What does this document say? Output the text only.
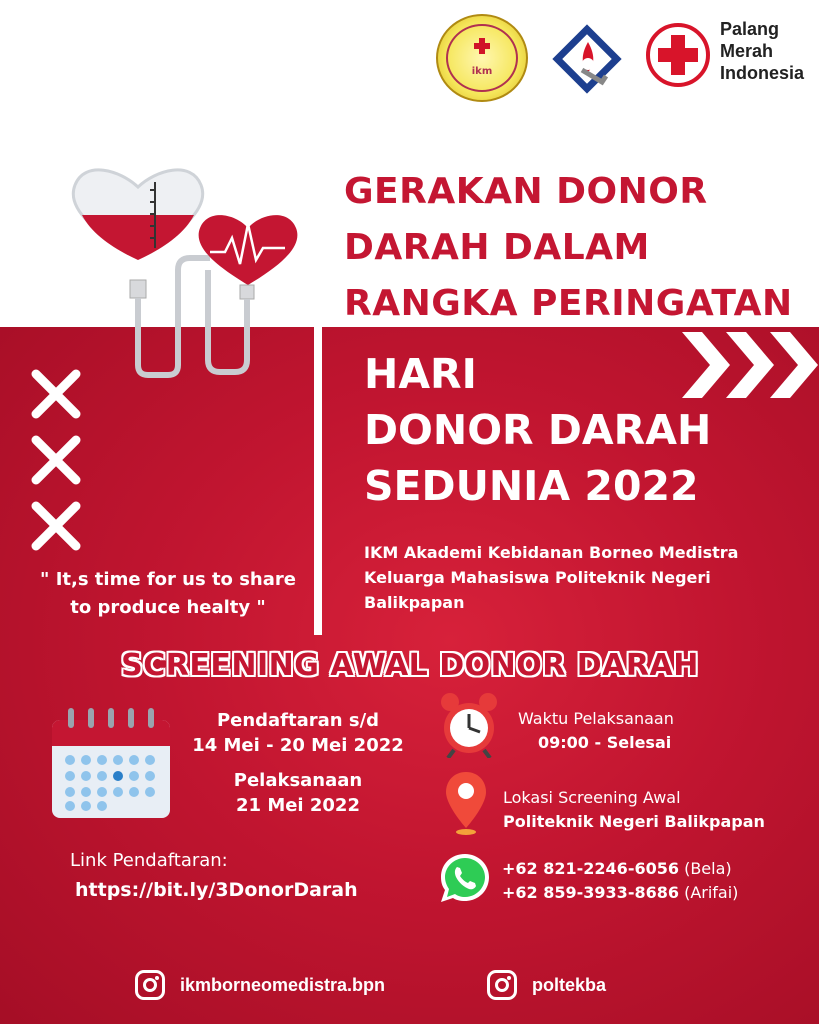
ikm
Palang Merah Indonesia
GERAKAN DONOR
DARAH DALAM
RANGKA PERINGATAN
HARI
DONOR DARAH
SEDUNIA 2022
IKM Akademi Kebidanan Borneo Medistra
Keluarga Mahasiswa Politeknik Negeri Balikpapan
" It,s time for us to share
to produce healty "
SCREENING AWAL DONOR DARAH
Pendaftaran s/d
14 Mei - 20 Mei 2022
Pelaksanaan
21 Mei 2022
Waktu Pelaksanaan
09:00 - Selesai
Lokasi Screening Awal
Politeknik Negeri Balikpapan
+62 821-2246-6056 (Bela)
+62 859-3933-8686 (Arifai)
Link Pendaftaran:
https://bit.ly/3DonorDarah
ikmborneomedistra.bpn	poltekba
